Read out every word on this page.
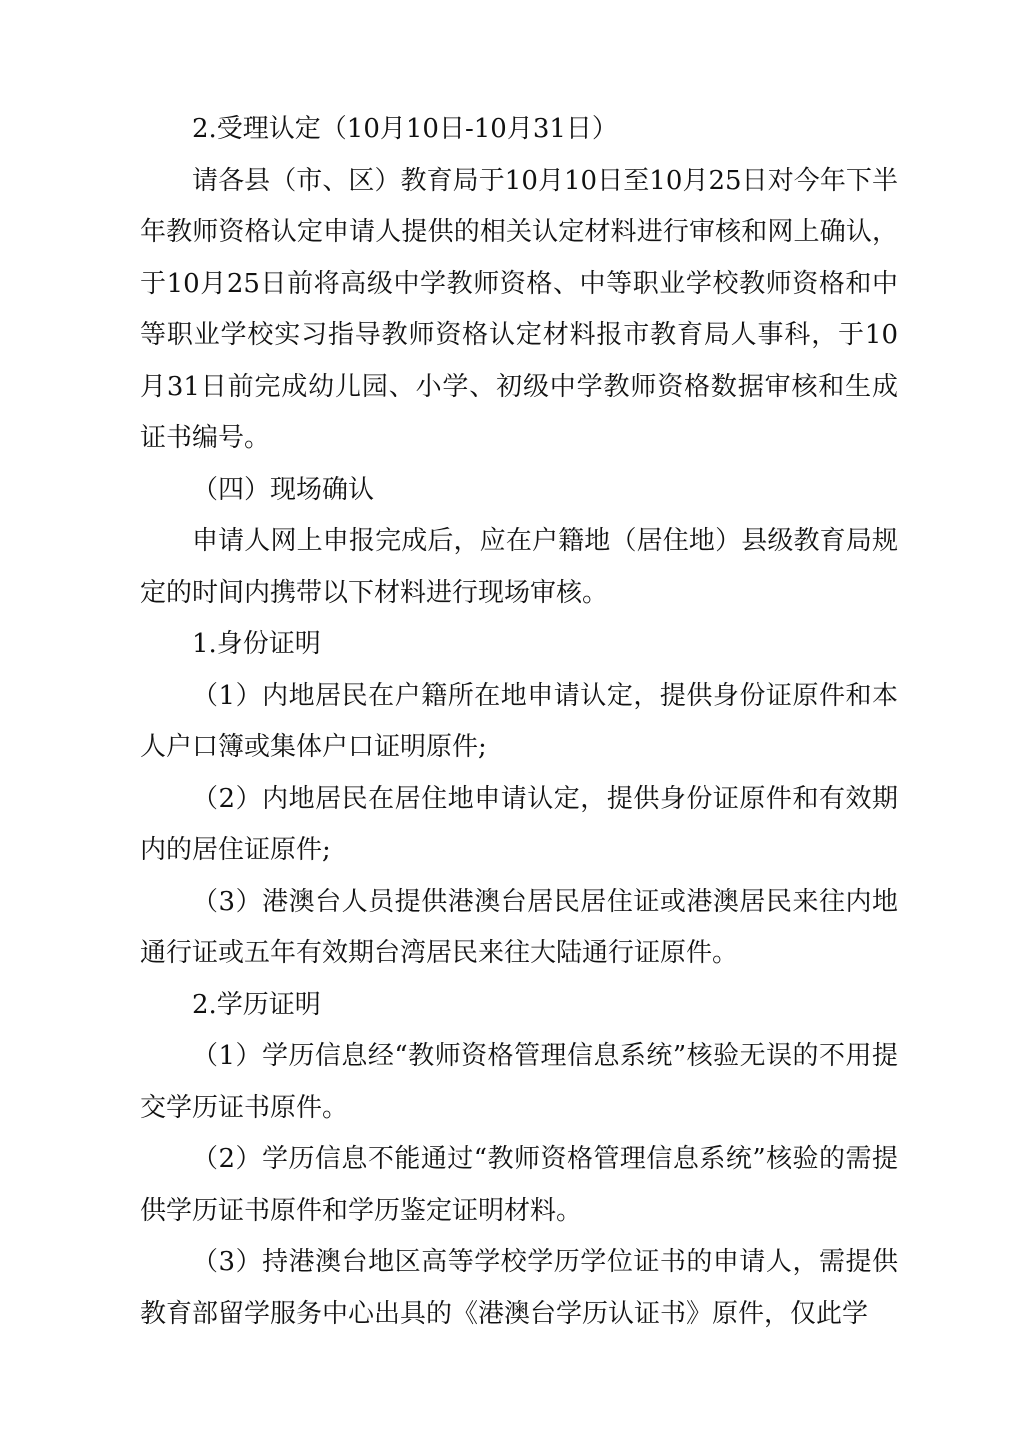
2.受理认定（10月10日-10月31日）

请各县（市、区）教育局于10月10日至10月25日对今年下半年教师资格认定申请人提供的相关认定材料进行审核和网上确认，于10月25日前将高级中学教师资格、中等职业学校教师资格和中等职业学校实习指导教师资格认定材料报市教育局人事科，于10月31日前完成幼儿园、小学、初级中学教师资格数据审核和生成证书编号。

（四）现场确认

申请人网上申报完成后，应在户籍地（居住地）县级教育局规定的时间内携带以下材料进行现场审核。

1.身份证明

（1）内地居民在户籍所在地申请认定，提供身份证原件和本人户口簿或集体户口证明原件;

（2）内地居民在居住地申请认定，提供身份证原件和有效期内的居住证原件;

（3）港澳台人员提供港澳台居民居住证或港澳居民来往内地通行证或五年有效期台湾居民来往大陆通行证原件。

2.学历证明

（1）学历信息经“教师资格管理信息系统”核验无误的不用提交学历证书原件。

（2）学历信息不能通过“教师资格管理信息系统”核验的需提供学历证书原件和学历鉴定证明材料。

（3）持港澳台地区高等学校学历学位证书的申请人，需提供教育部留学服务中心出具的《港澳台学历认证书》原件，仅此学
